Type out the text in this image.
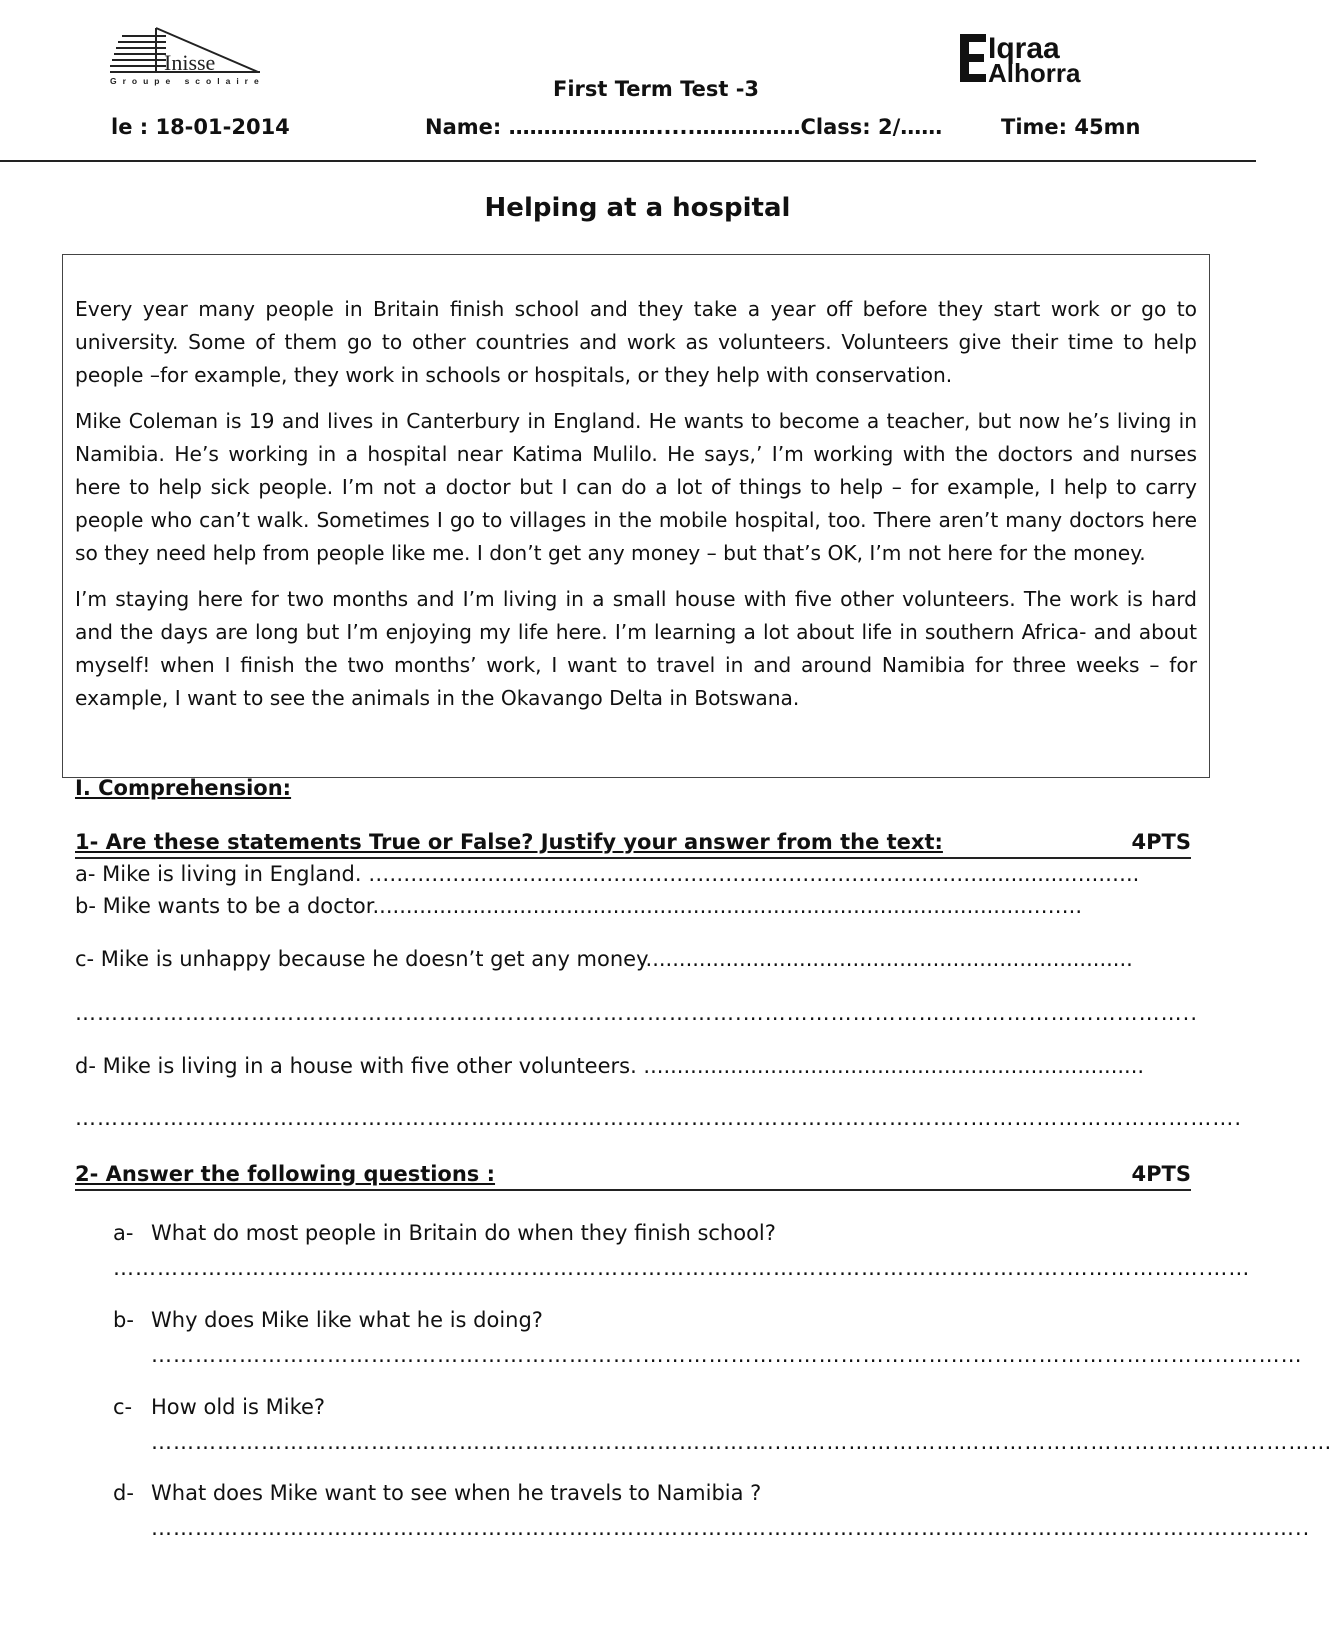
Inisse
Groupe scolaire
Iqraa
Alhorra
First Term Test -3
le : 18-01-2014	Name: ………………….....……………Class: 2/……	Time: 45mn
Helping at a hospital

Every year many people in Britain finish school and they take a year off before they start work or go to university. Some of them go to other countries and work as volunteers. Volunteers give their time to help people –for example, they work in schools or hospitals, or they help with conservation.

Mike Coleman is 19 and lives in Canterbury in England. He wants to become a teacher, but now he’s living in Namibia. He’s working in a hospital near Katima Mulilo. He says,’ I’m working with the doctors and nurses here to help sick people. I’m not a doctor but I can do a lot of things to help – for example, I help to carry people who can’t walk. Sometimes I go to villages in the mobile hospital, too. There aren’t many doctors here so they need help from people like me. I don’t get any money – but that’s OK, I’m not here for the money.

I’m staying here for two months and I’m living in a small house with five other volunteers. The work is hard and the days are long but I’m enjoying my life here. I’m learning a lot about life in southern Africa- and about myself! when I finish the two months’ work, I want to travel in and around Namibia for three weeks – for example, I want to see the animals in the Okavango Delta in Botswana.

I. Comprehension:
1- Are these statements True or False? Justify your answer from the text:	4PTS
a- Mike is living in England. ……………………………………………………………………………..............…..…..
b- Mike wants to be a doctor..................................................................................................……..
c- Mike is unhappy because he doesn’t get any money.........................................................................
……………………………………………………………………………….……………………………………………………..
d- Mike is living in a house with five other volunteers. ...........................................................................
…………………………………………………………………………………………………………..……………………………….
2- Answer the following questions :	4PTS
a- What do most people in Britain do when they finish school?
………………………………………………………………………………………………………………….……………….……
b- Why does Mike like what he is doing?
………………………………………………………….………………………………………………………………………………
c- How old is Mike?
…………………………………………………………………………..…………………………………………………………………
d- What does Mike want to see when he travels to Namibia ?
…………………………………………………………………………………………………………………………………………..
